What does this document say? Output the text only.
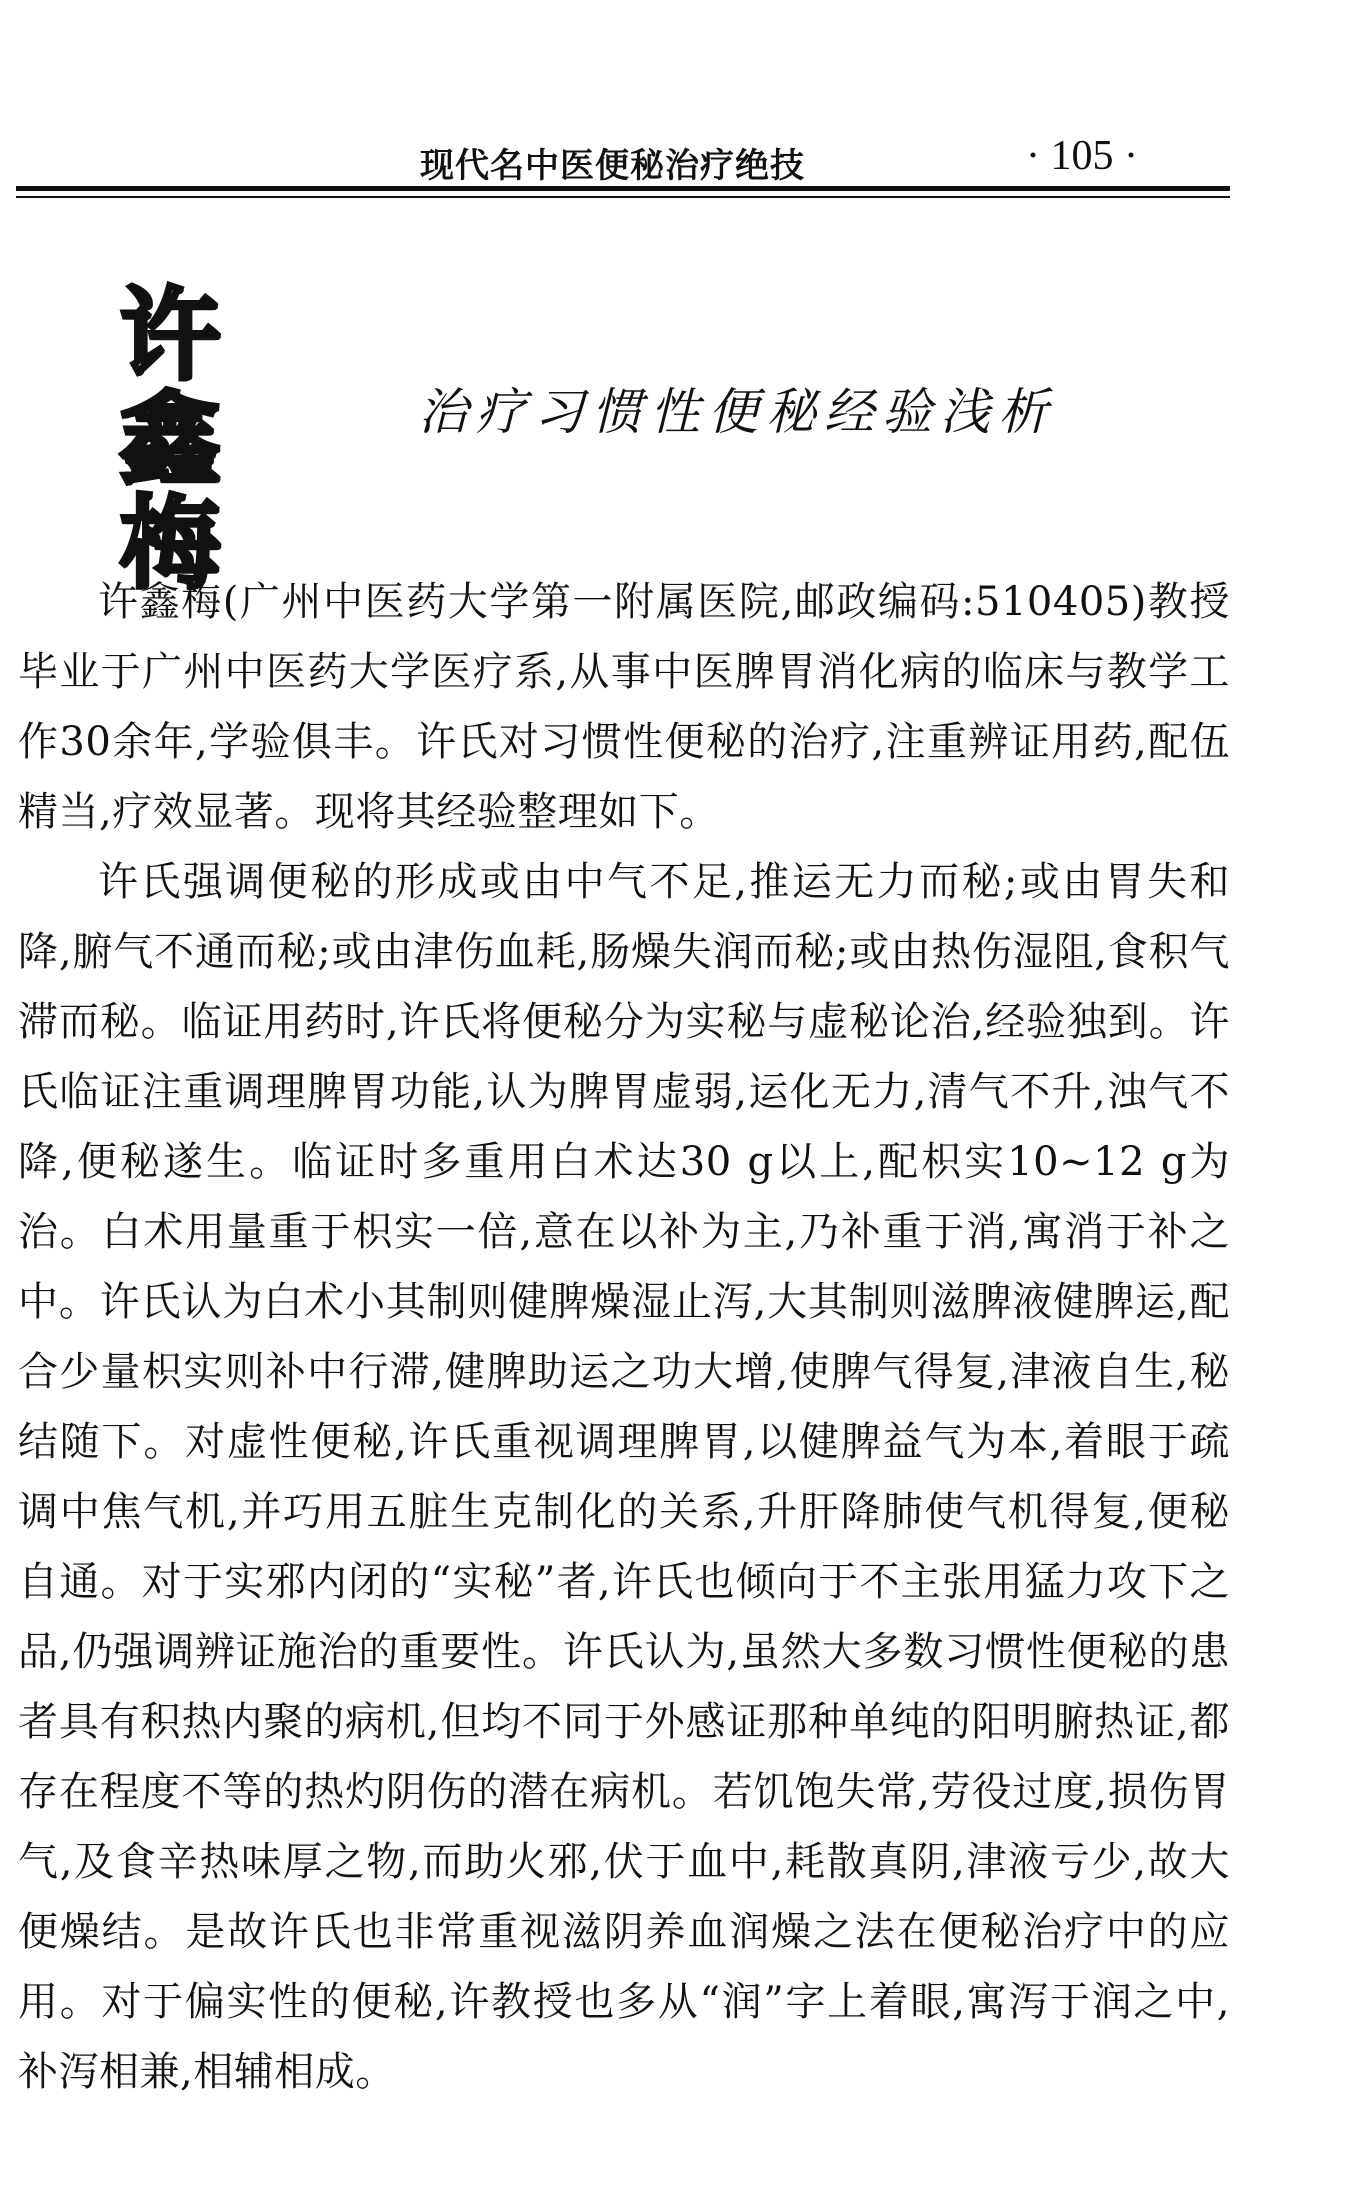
现代名中医便秘治疗绝技	· 105 ·
许
鑫
梅
治疗习惯性便秘经验浅析

许鑫梅(广州中医药大学第一附属医院,邮政编码:510405)教授毕业于广州中医药大学医疗系,从事中医脾胃消化病的临床与教学工作30余年,学验俱丰。许氏对习惯性便秘的治疗,注重辨证用药,配伍精当,疗效显著。现将其经验整理如下。

许氏强调便秘的形成或由中气不足,推运无力而秘;或由胃失和降,腑气不通而秘;或由津伤血耗,肠燥失润而秘;或由热伤湿阻,食积气滞而秘。临证用药时,许氏将便秘分为实秘与虚秘论治,经验独到。许氏临证注重调理脾胃功能,认为脾胃虚弱,运化无力,清气不升,浊气不降,便秘遂生。临证时多重用白术达30 g以上,配枳实10~12 g为治。白术用量重于枳实一倍,意在以补为主,乃补重于消,寓消于补之中。许氏认为白术小其制则健脾燥湿止泻,大其制则滋脾液健脾运,配合少量枳实则补中行滞,健脾助运之功大增,使脾气得复,津液自生,秘结随下。对虚性便秘,许氏重视调理脾胃,以健脾益气为本,着眼于疏调中焦气机,并巧用五脏生克制化的关系,升肝降肺使气机得复,便秘自通。对于实邪内闭的“实秘”者,许氏也倾向于不主张用猛力攻下之品,仍强调辨证施治的重要性。许氏认为,虽然大多数习惯性便秘的患者具有积热内聚的病机,但均不同于外感证那种单纯的阳明腑热证,都存在程度不等的热灼阴伤的潜在病机。若饥饱失常,劳役过度,损伤胃气,及食辛热味厚之物,而助火邪,伏于血中,耗散真阴,津液亏少,故大便燥结。是故许氏也非常重视滋阴养血润燥之法在便秘治疗中的应用。对于偏实性的便秘,许教授也多从“润”字上着眼,寓泻于润之中,补泻相兼,相辅相成。
